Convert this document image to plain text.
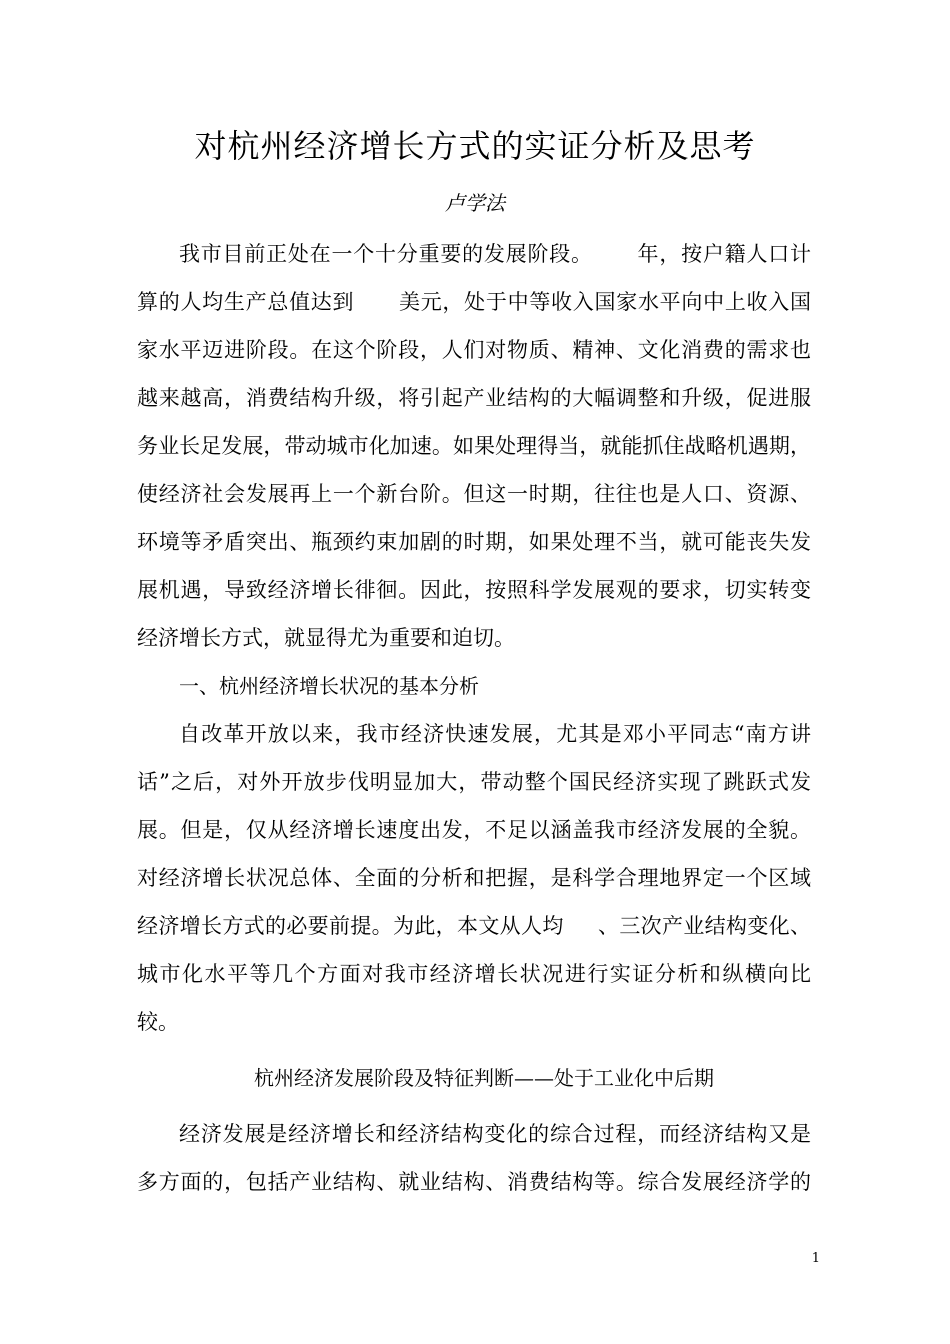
对杭州经济增长方式的实证分析及思考
卢学法
我市目前正处在一个十分重要的发展阶段。 年，按户籍人口计
算的人均生产总值达到 美元，处于中等收入国家水平向中上收入国
家水平迈进阶段。在这个阶段，人们对物质、精神、文化消费的需求也
越来越高，消费结构升级，将引起产业结构的大幅调整和升级，促进服
务业长足发展，带动城市化加速。如果处理得当，就能抓住战略机遇期，
使经济社会发展再上一个新台阶。但这一时期，往往也是人口、资源、
环境等矛盾突出、瓶颈约束加剧的时期，如果处理不当，就可能丧失发
展机遇，导致经济增长徘徊。因此，按照科学发展观的要求，切实转变
经济增长方式，就显得尤为重要和迫切。
一、杭州经济增长状况的基本分析
自改革开放以来，我市经济快速发展，尤其是邓小平同志“南方讲
话”之后，对外开放步伐明显加大，带动整个国民经济实现了跳跃式发
展。但是，仅从经济增长速度出发，不足以涵盖我市经济发展的全貌。
对经济增长状况总体、全面的分析和把握，是科学合理地界定一个区域
经济增长方式的必要前提。为此，本文从人均 、三次产业结构变化、
城市化水平等几个方面对我市经济增长状况进行实证分析和纵横向比
较。
杭州经济发展阶段及特征判断——处于工业化中后期
经济发展是经济增长和经济结构变化的综合过程，而经济结构又是
多方面的，包括产业结构、就业结构、消费结构等。综合发展经济学的
1
